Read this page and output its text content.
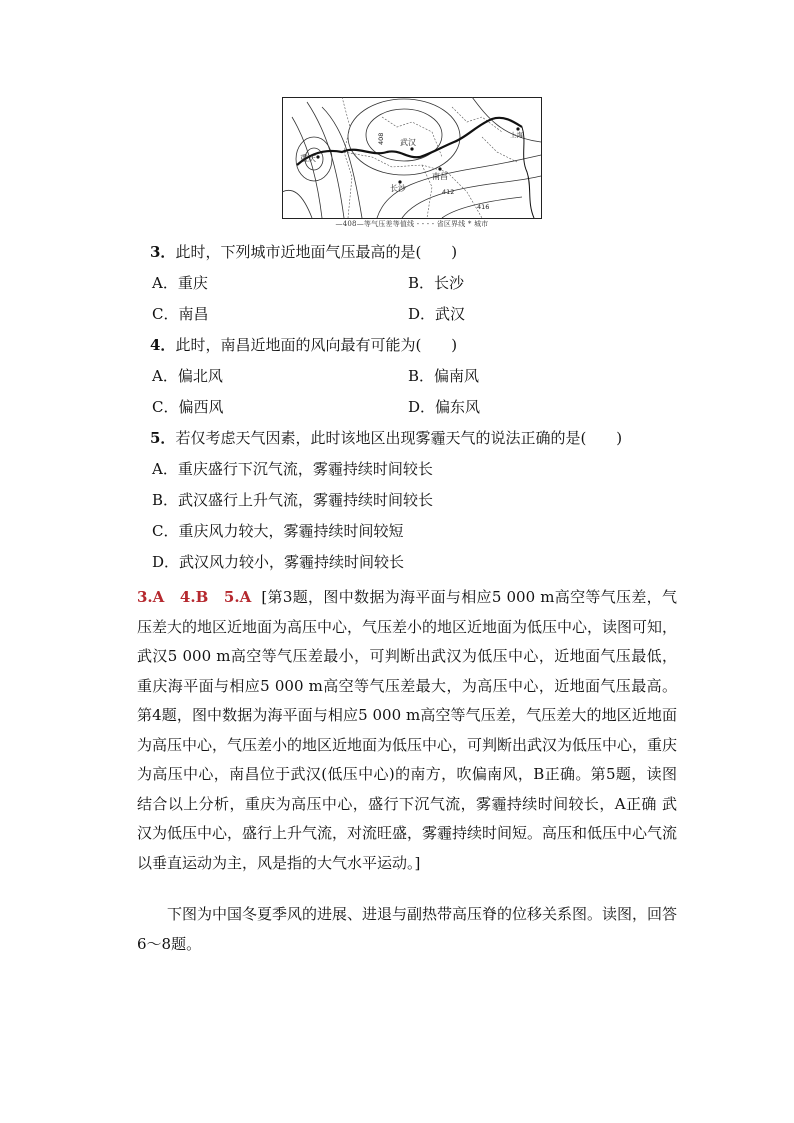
重庆
武汉
长沙
南昌
上海
408
412
416
—408—等气压差等值线 - - - - 省区界线 * 城市
3．此时，下列城市近地面气压最高的是(　　)
A．重庆	B．长沙
C．南昌	D．武汉
4．此时，南昌近地面的风向最有可能为(　　)
A．偏北风	B．偏南风
C．偏西风	D．偏东风
5．若仅考虑天气因素，此时该地区出现雾霾天气的说法正确的是(　　)
A．重庆盛行下沉气流，雾霾持续时间较长
B．武汉盛行上升气流，雾霾持续时间较长
C．重庆风力较大，雾霾持续时间较短
D．武汉风力较小，雾霾持续时间较长
3.A　4.B　5.A [第3题，图中数据为海平面与相应5 000 m高空等气压差，气压差大的地区近地面为高压中心，气压差小的地区近地面为低压中心，读图可知，武汉5 000 m高空等气压差最小，可判断出武汉为低压中心，近地面气压最低，重庆海平面与相应5 000 m高空等气压差最大，为高压中心，近地面气压最高。第4题，图中数据为海平面与相应5 000 m高空等气压差，气压差大的地区近地面为高压中心，气压差小的地区近地面为低压中心，可判断出武汉为低压中心，重庆为高压中心，南昌位于武汉(低压中心)的南方，吹偏南风，B正确。第5题，读图结合以上分析，重庆为高压中心，盛行下沉气流，雾霾持续时间较长，A正确 武汉为低压中心，盛行上升气流，对流旺盛，雾霾持续时间短。高压和低压中心气流以垂直运动为主，风是指的大气水平运动。]
下图为中国冬夏季风的进展、进退与副热带高压脊的位移关系图。读图，回答6～8题。
